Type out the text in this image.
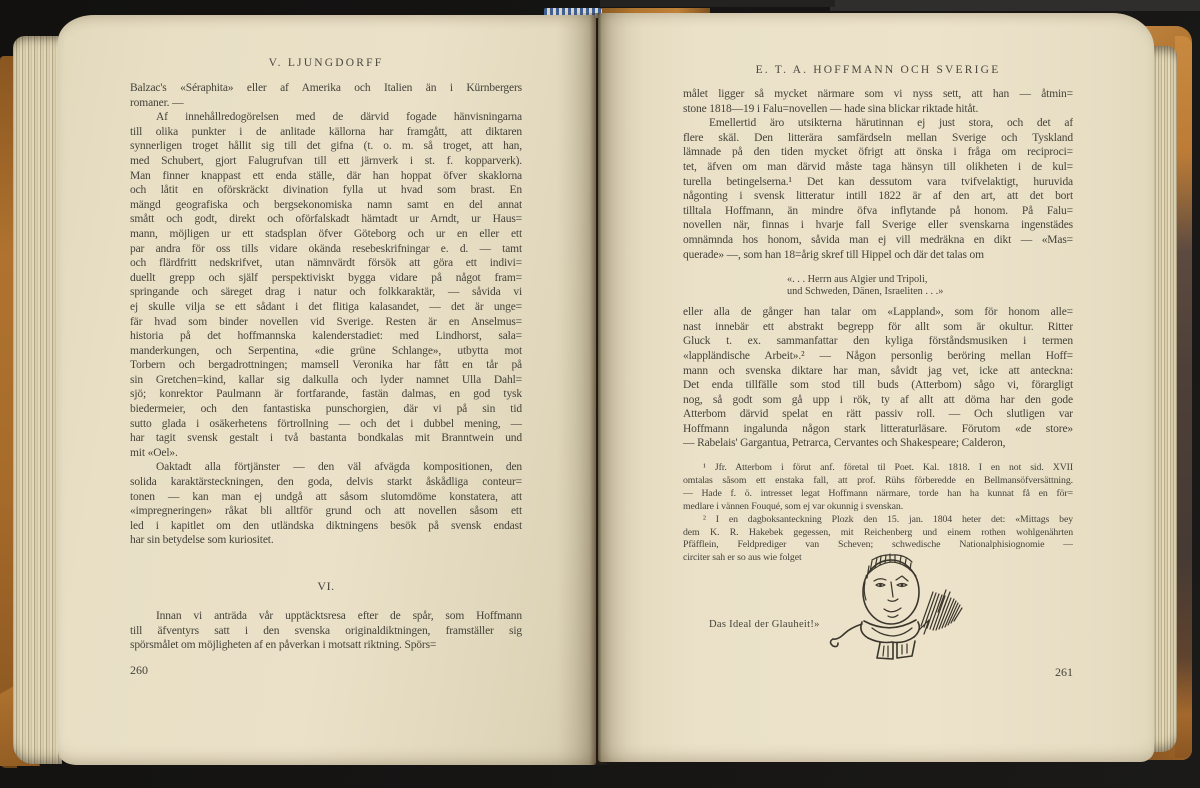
V. LJUNGDORFF
Balzac's «Séraphita» eller af Amerika och Italien än i Kürnbergers
romaner. —
Af innehållredogörelsen med de därvid fogade hänvisningarna
till olika punkter i de anlitade källorna har framgått, att diktaren
synnerligen troget hållit sig till det gifna (t. o. m. så troget, att han,
med Schubert, gjort Falugrufvan till ett järnverk i st. f. kopparverk).
Man finner knappast ett enda ställe, där han hoppat öfver skaklorna
och låtit en oförskräckt divination fylla ut hvad som brast. En
mängd geografiska och bergsekonomiska namn samt en del annat
smått och godt, direkt och oförfalskadt hämtadt ur Arndt, ur Haus=
mann, möjligen ur ett stadsplan öfver Göteborg och ur en eller ett
par andra för oss tills vidare okända resebeskrifningar e. d. — tamt
och flärdfritt nedskrifvet, utan nämnvärdt försök att göra ett indivi=
duellt grepp och själf perspektiviskt bygga vidare på något fram=
springande och säreget drag i natur och folkkaraktär, — såvida vi
ej skulle vilja se ett sådant i det flitiga kalasandet, — det är unge=
fär hvad som binder novellen vid Sverige. Resten är en Anselmus=
historia på det hoffmannska kalenderstadiet: med Lindhorst, sala=
manderkungen, och Serpentina, «die grüne Schlange», utbytta mot
Torbern och bergadrottningen; mamsell Veronika har fått en tår på
sin Gretchen=kind, kallar sig dalkulla och lyder namnet Ulla Dahl=
sjö; konrektor Paulmann är fortfarande, fastän dalmas, en god tysk
biedermeier, och den fantastiska punschorgien, där vi på sin tid
sutto glada i osäkerhetens förtrollning — och det i dubbel mening, —
har tagit svensk gestalt i två bastanta bondkalas mit Branntwein und
mit «Oel».
Oaktadt alla förtjänster — den väl afvägda kompositionen, den
solida karaktärsteckningen, den goda, delvis starkt åskådliga conteur=
tonen — kan man ej undgå att såsom slutomdöme konstatera, att
«impregneringen» råkat bli alltför grund och att novellen såsom ett
led i kapitlet om den utländska diktningens besök på svensk endast
har sin betydelse som kuriositet.
VI.
Innan vi anträda vår upptäcktsresa efter de spår, som Hoffmann
till äfventyrs satt i den svenska originaldiktningen, framställer sig
spörsmålet om möjligheten af en påverkan i motsatt riktning. Spörs=
260
E. T. A. HOFFMANN OCH SVERIGE
målet ligger så mycket närmare som vi nyss sett, att han — åtmin=
stone 1818—19 i Falu=novellen — hade sina blickar riktade hitåt.
Emellertid äro utsikterna härutinnan ej just stora, och det af
flere skäl. Den litterära samfärdseln mellan Sverige och Tyskland
lämnade på den tiden mycket öfrigt att önska i fråga om reciproci=
tet, äfven om man därvid måste taga hänsyn till olikheten i de kul=
turella betingelserna.¹ Det kan dessutom vara tvifvelaktigt, huruvida
någonting i svensk litteratur intill 1822 är af den art, att det bort
tilltala Hoffmann, än mindre öfva inflytande på honom. På Falu=
novellen när, finnas i hvarje fall Sverige eller svenskarna ingenstädes
omnämnda hos honom, såvida man ej vill medräkna en dikt — «Mas=
querade» —, som han 18=årig skref till Hippel och där det talas om
«. . . Herrn aus Algier und Tripoli,
und Schweden, Dänen, Israeliten . . .»
eller alla de gånger han talar om «Lappland», som för honom alle=
nast innebär ett abstrakt begrepp för allt som är okultur. Ritter
Gluck t. ex. sammanfattar den kyliga förståndsmusiken i termen
«lappländische Arbeit».² — Någon personlig beröring mellan Hoff=
mann och svenska diktare har man, såvidt jag vet, icke att anteckna:
Det enda tillfälle som stod till buds (Atterbom) sågo vi, förargligt
nog, så godt som gå upp i rök, ty af allt att döma har den gode
Atterbom därvid spelat en rätt passiv roll. — Och slutligen var
Hoffmann ingalunda någon stark litteraturläsare. Förutom «de store»
— Rabelais' Gargantua, Petrarca, Cervantes och Shakespeare; Calderon,
¹ Jfr. Atterbom i förut anf. företal til Poet. Kal. 1818. I en not sid. XVII
omtalas såsom ett enstaka fall, att prof. Rühs förberedde en Bellmansöfversättning.
— Hade f. ö. intresset legat Hoffmann närmare, torde han ha kunnat få en för=
medlare i vännen Fouqué, som ej var okunnig i svenskan.
² I en dagboksanteckning Plozk den 15. jan. 1804 heter det: «Mittags bey
dem K. R. Hakebek gegessen, mit Reichenberg und einem rothen wohlgenährten
Pfäfflein, Feldprediger van Scheven; schwedische Nationalphisiognomie —
circiter sah er so aus wie folget
Das Ideal der Glauheit!»
261
